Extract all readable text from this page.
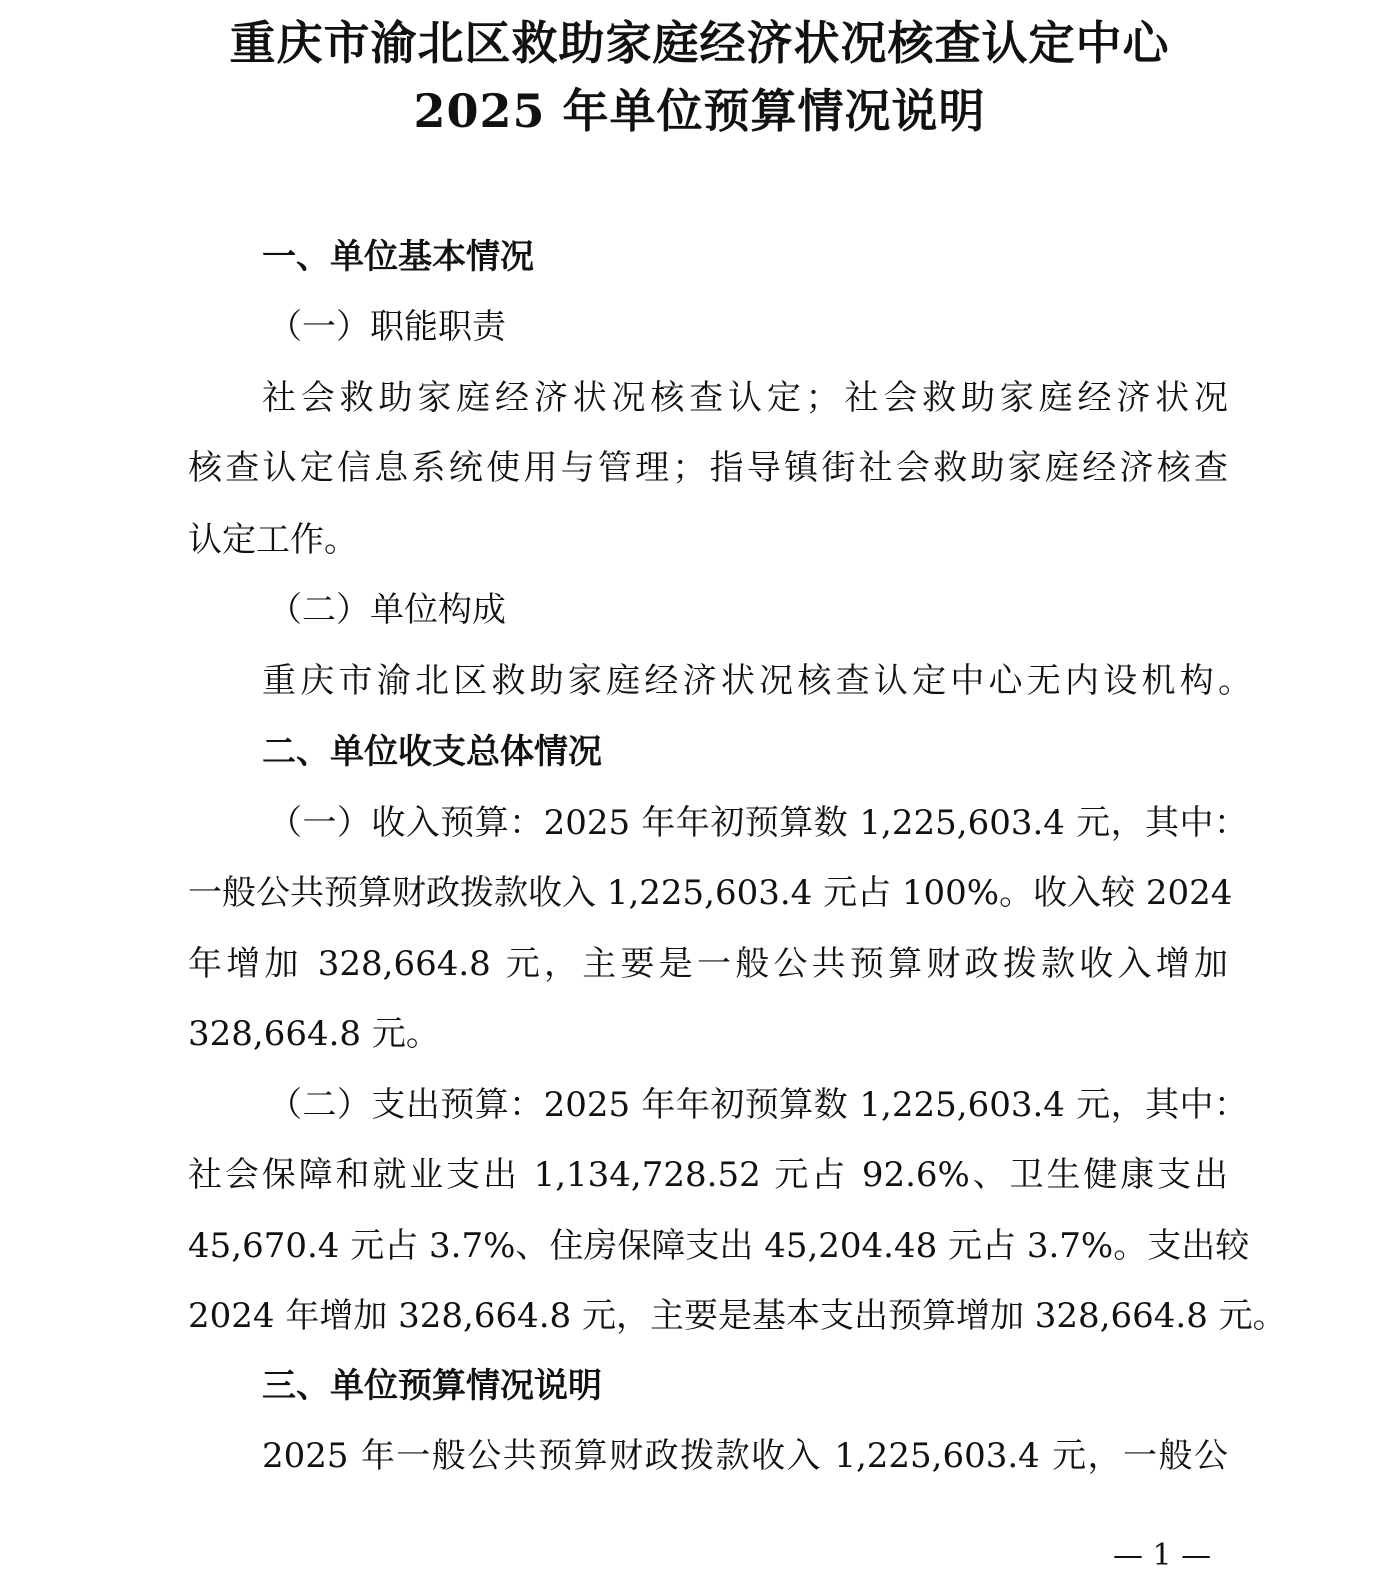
重庆市渝北区救助家庭经济状况核查认定中心
2025 年单位预算情况说明
一、单位基本情况
（一）职能职责
社会救助家庭经济状况核查认定；社会救助家庭经济状况
核查认定信息系统使用与管理；指导镇街社会救助家庭经济核查
认定工作。
（二）单位构成
重庆市渝北区救助家庭经济状况核查认定中心无内设机构。
二、单位收支总体情况
（一）收入预算：2025 年年初预算数 1,225,603.4 元，其中：
一般公共预算财政拨款收入 1,225,603.4 元占 100%。收入较 2024
年增加 328,664.8 元，主要是一般公共预算财政拨款收入增加
328,664.8 元。
（二）支出预算：2025 年年初预算数 1,225,603.4 元，其中：
社会保障和就业支出 1,134,728.52 元占 92.6%、卫生健康支出
45,670.4 元占 3.7%、住房保障支出 45,204.48 元占 3.7%。支出较
2024 年增加 328,664.8 元，主要是基本支出预算增加 328,664.8 元。
三、单位预算情况说明
2025 年一般公共预算财政拨款收入 1,225,603.4 元，一般公
— 1 —
